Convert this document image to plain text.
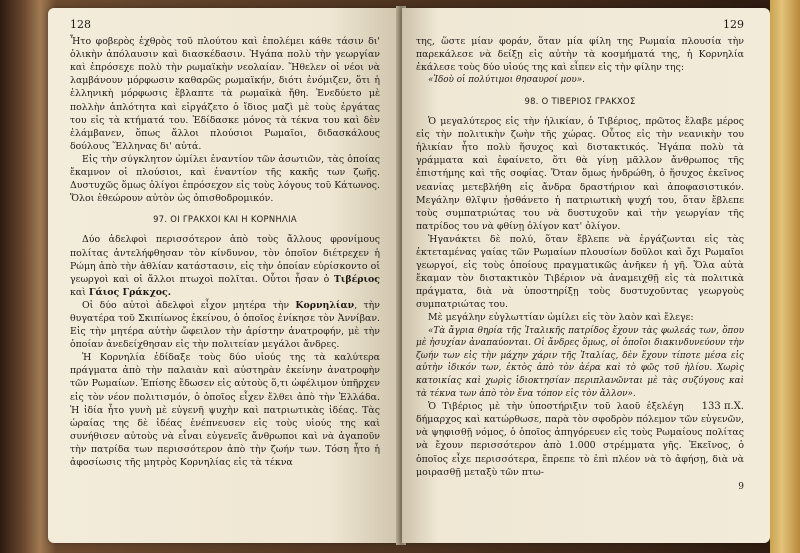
128

Ἦτο φοβερὸς ἐχθρὸς τοῦ πλούτου καὶ ἐπολέμει κάθε τάσιν δι' ὁλικὴν ἀπόλαυσιν καὶ διασκέδασιν. Ἠγάπα πολὺ τὴν γεωργίαν καὶ ἐπρόσεχε πολὺ τὴν ρωμαϊκὴν νεολαίαν. Ἤθελεν οἱ νέοι νὰ λαμβάνουν μόρφωσιν καθαρῶς ρωμαϊκήν, διότι ἐνόμιζεν, ὅτι ἡ ἑλληνικὴ μόρφωσις ἔβλαπτε τὰ ρωμαϊκὰ ἤθη. Ἐνεδύετο μὲ πολλὴν ἁπλότητα καὶ εἰργάζετο ὁ ἴδιος μαζὶ μὲ τοὺς ἐργάτας του εἰς τὰ κτήματά του. Ἐδίδασκε μόνος τὰ τέκνα του καὶ δὲν ἐλάμβανεν, ὅπως ἄλλοι πλούσιοι Ρωμαῖοι, διδασκάλους δούλους Ἕλληνας δι' αὐτά.

Εἰς τὴν σύγκλητον ὡμίλει ἐναντίον τῶν ἀσωτιῶν, τὰς ὁποίας ἔκαμνον οἱ πλούσιοι, καὶ ἐναντίον τῆς κακῆς των ζωῆς. Δυστυχῶς ὅμως ὀλίγοι ἐπρόσεχον εἰς τοὺς λόγους τοῦ Κάτωνος. Ὅλοι ἐθεώρουν αὐτὸν ὡς ὀπισθοδρομικόν.

97. ΟΙ ΓΡΑΚΧΟΙ ΚΑΙ Η ΚΟΡΝΗΛΙΑ

Δύο ἀδελφοὶ περισσότερον ἀπὸ τοὺς ἄλλους φρονίμους πολίτας ἀντελήφθησαν τὸν κίνδυνον, τὸν ὁποῖον διέτρεχεν ἡ Ρώμη ἀπὸ τὴν ἀθλίαν κατάστασιν, εἰς τὴν ὁποίαν εὑρίσκοντο οἱ γεωργοὶ καὶ οἱ ἄλλοι πτωχοὶ πολῖται. Οὗτοι ἦσαν ὁ Τιβέριος καὶ Γάιος Γράκχος.

Οἱ δύο αὐτοὶ ἀδελφοὶ εἶχον μητέρα τὴν Κορνηλίαν, τὴν θυγατέρα τοῦ Σκιπίωνος ἐκείνου, ὁ ὁποῖος ἐνίκησε τὸν Ἀννίβαν. Εἰς τὴν μητέρα αὐτὴν ὤφειλον τὴν ἀρίστην ἀνατροφήν, μὲ τὴν ὁποίαν ἀνεδείχθησαν εἰς τὴν πολιτείαν μεγάλοι ἄνδρες.

Ἡ Κορνηλία ἐδίδαξε τοὺς δύο υἱούς της τὰ καλύτερα πράγματα ἀπὸ τὴν παλαιὰν καὶ αὐστηρὰν ἐκείνην ἀνατροφὴν τῶν Ρωμαίων. Ἐπίσης ἔδωσεν εἰς αὐτοὺς ὅ,τι ὠφέλιμον ὑπῆρχεν εἰς τὸν νέον πολιτισμόν, ὁ ὁποῖος εἶχεν ἔλθει ἀπὸ τὴν Ἑλλάδα. Ἡ ἰδία ἦτο γυνὴ μὲ εὐγενῆ ψυχὴν καὶ πατριωτικὰς ἰδέας. Τὰς ὡραίας της δὲ ἰδέας ἐνέπνευσεν εἰς τοὺς υἱούς της καὶ συνήθισεν αὐτοὺς νὰ εἶναι εὐγενεῖς ἄνθρωποι καὶ νὰ ἀγαποῦν τὴν πατρίδα των περισσότερον ἀπὸ τὴν ζωήν των. Τόση ἦτο ἡ ἀφοσίωσις τῆς μητρὸς Κορνηλίας εἰς τὰ τέκνα

129

της, ὥστε μίαν φοράν, ὅταν μία φίλη της Ρωμαία πλουσία τὴν παρεκάλεσε νὰ δείξῃ εἰς αὐτὴν τὰ κοσμήματά της, ἡ Κορνηλία ἐκάλεσε τοὺς δύο υἱούς της καὶ εἶπεν εἰς τὴν φίλην της:

«Ἰδοὺ οἱ πολύτιμοι θησαυροί μου».

98. Ο ΤΙΒΕΡΙΟΣ ΓΡΑΚΧΟΣ

Ὁ μεγαλύτερος εἰς τὴν ἡλικίαν, ὁ Τιβέριος, πρῶτος ἔλαβε μέρος εἰς τὴν πολιτικὴν ζωὴν τῆς χώρας. Οὗτος εἰς τὴν νεανικὴν του ἡλικίαν ἦτο πολὺ ἥσυχος καὶ διστακτικός. Ἠγάπα πολὺ τὰ γράμματα καὶ ἐφαίνετο, ὅτι θὰ γίνῃ μᾶλλον ἄνθρωπος τῆς ἐπιστήμης καὶ τῆς σοφίας. Ὅταν ὅμως ἠνδρώθη, ὁ ἥσυχος ἐκεῖνος νεανίας μετεβλήθη εἰς ἄνδρα δραστήριον καὶ ἀποφασιστικόν. Μεγάλην θλῖψιν ᾐσθάνετο ἡ πατριωτικὴ ψυχή του, ὅταν ἔβλεπε τοὺς συμπατριώτας του νὰ δυστυχοῦν καὶ τὴν γεωργίαν τῆς πατρίδος του νὰ φθίνῃ ὀλίγον κατ' ὀλίγον.

Ἠγανάκτει δὲ πολύ, ὅταν ἔβλεπε νὰ ἐργάζωνται εἰς τὰς ἐκτεταμένας γαίας τῶν Ρωμαίων πλουσίων δοῦλοι καὶ ὄχι Ρωμαῖοι γεωργοί, εἰς τοὺς ὁποίους πραγματικῶς ἀνῆκεν ἡ γῆ. Ὅλα αὐτὰ ἔκαμαν τὸν διστακτικὸν Τιβέριον νὰ ἀναμειχθῇ εἰς τὰ πολιτικὰ πράγματα, διὰ νὰ ὑποστηρίξῃ τοὺς δυστυχοῦντας γεωργοὺς συμπατριώτας του.

Μὲ μεγάλην εὐγλωττίαν ὡμίλει εἰς τὸν λαὸν καὶ ἔλεγε:

«Τὰ ἄγρια θηρία τῆς Ἰταλικῆς πατρίδος ἔχουν τὰς φωλεάς των, ὅπου μὲ ἡσυχίαν ἀναπαύονται. Οἱ ἄνδρες ὅμως, οἱ ὁποῖοι διακινδυνεύουν τὴν ζωήν των εἰς τὴν μάχην χάριν τῆς Ἰταλίας, δὲν ἔχουν τίποτε μέσα εἰς αὐτὴν ἰδικόν των, ἐκτὸς ἀπὸ τὸν ἀέρα καὶ τὸ φῶς τοῦ ἡλίου. Χωρὶς κατοικίας καὶ χωρὶς ἰδιοκτησίαν περιπλανῶνται μὲ τὰς συζύγους καὶ τὰ τέκνα των ἀπὸ τὸν ἕνα τόπον εἰς τὸν ἄλλον».

133 π.Χ.
Ὁ Τιβέριος μὲ τὴν ὑποστήριξιν τοῦ λαοῦ ἐξελέγη δήμαρχος καὶ κατώρθωσε, παρὰ τὸν σφοδρὸν πόλεμον τῶν εὐγενῶν, νὰ ψηφισθῇ νόμος, ὁ ὁποῖος ἀπηγόρευεν εἰς τοὺς Ρωμαίους πολίτας νὰ ἔχουν περισσότερον ἀπὸ 1.000 στρέμματα γῆς. Ἐκεῖνος, ὁ ὁποῖος εἶχε περισσότερα, ἔπρεπε τὸ ἐπὶ πλέον νὰ τὸ ἀφήσῃ, διὰ νὰ μοιρασθῇ μεταξὺ τῶν πτω-

9
